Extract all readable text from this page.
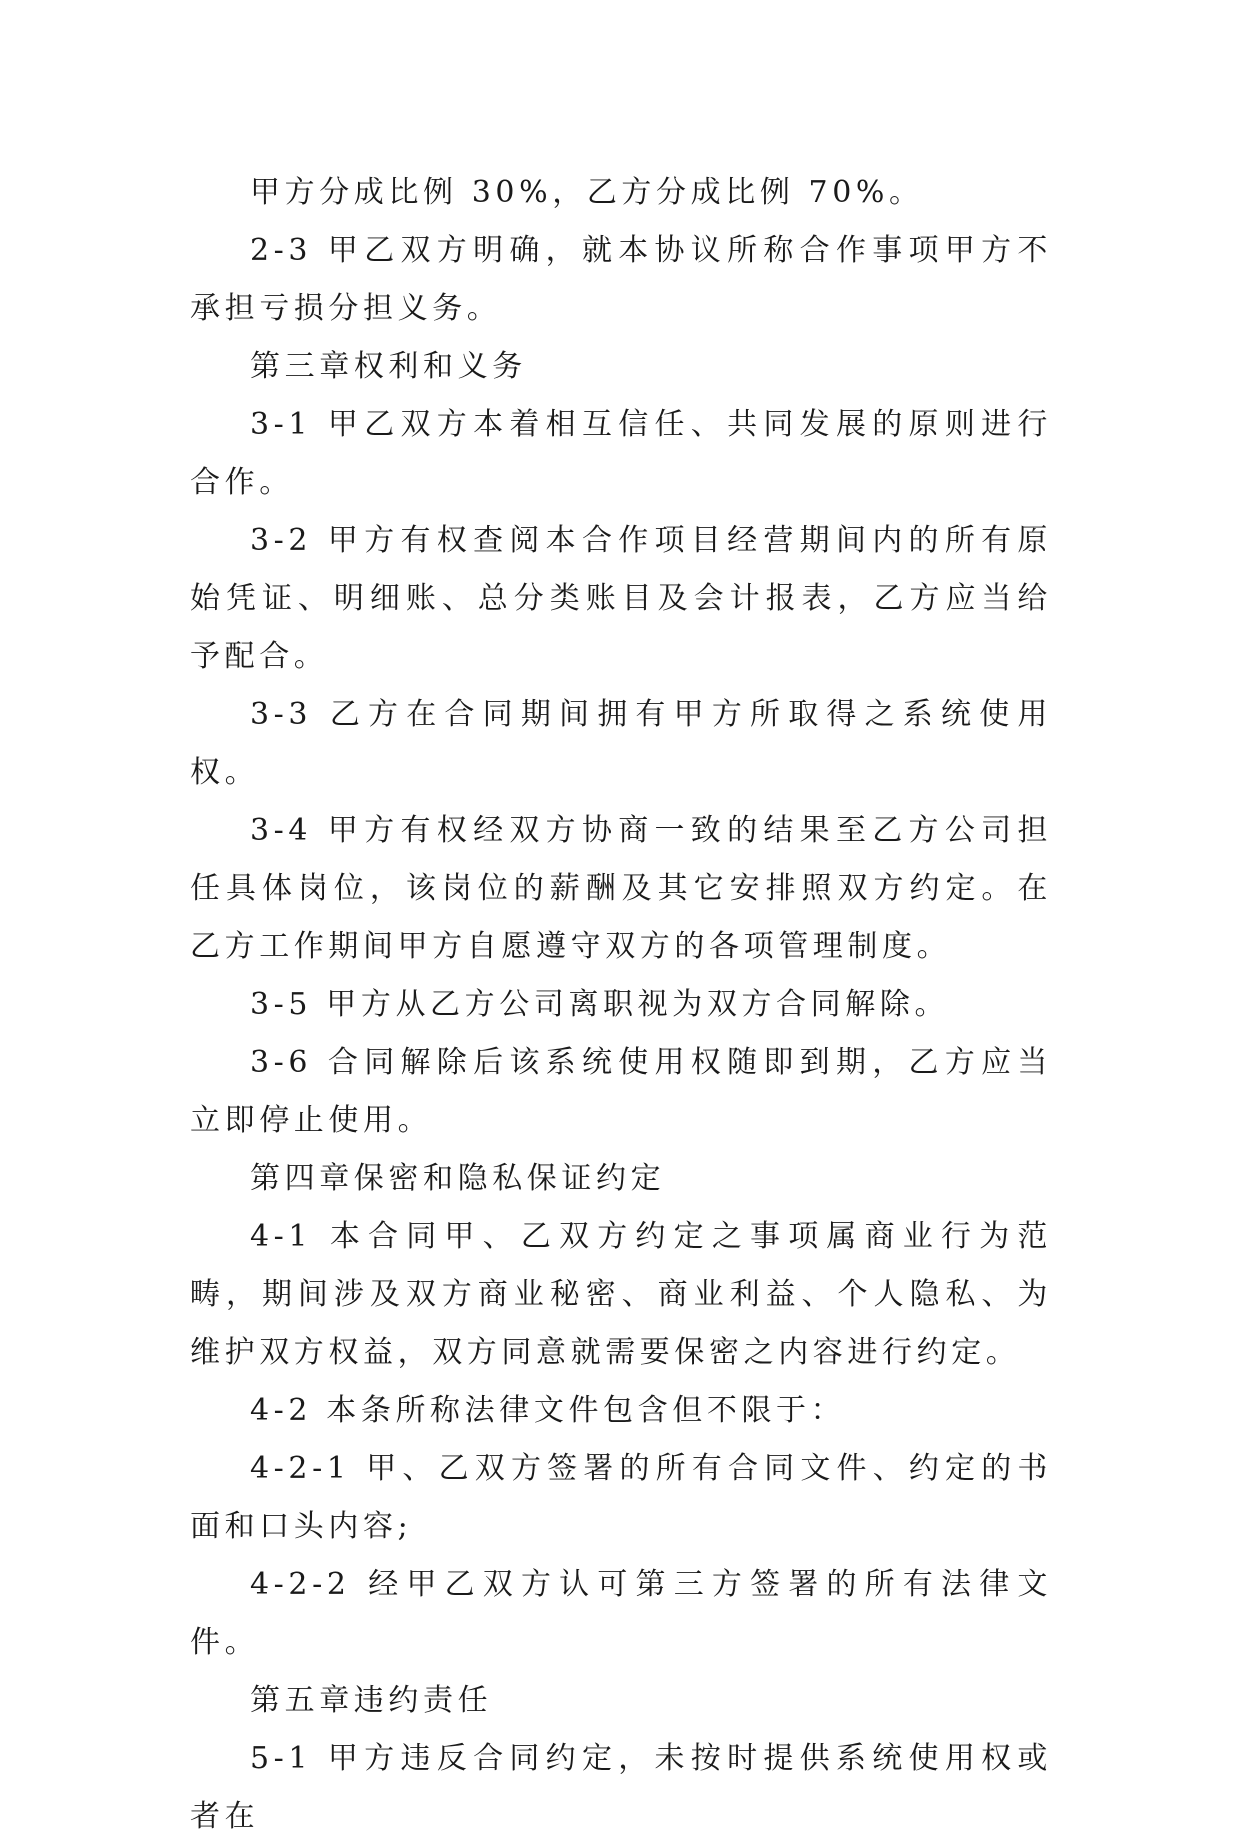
甲方分成比例 30%，乙方分成比例 70%。

2-3 甲乙双方明确，就本协议所称合作事项甲方不承担亏损分担义务。

第三章权利和义务

3-1 甲乙双方本着相互信任、共同发展的原则进行合作。

3-2 甲方有权查阅本合作项目经营期间内的所有原始凭证、明细账、总分类账目及会计报表，乙方应当给予配合。

3-3 乙方在合同期间拥有甲方所取得之系统使用权。

3-4 甲方有权经双方协商一致的结果至乙方公司担任具体岗位，该岗位的薪酬及其它安排照双方约定。在乙方工作期间甲方自愿遵守双方的各项管理制度。

3-5 甲方从乙方公司离职视为双方合同解除。

3-6 合同解除后该系统使用权随即到期，乙方应当立即停止使用。

第四章保密和隐私保证约定

4-1 本合同甲、乙双方约定之事项属商业行为范畴，期间涉及双方商业秘密、商业利益、个人隐私、为维护双方权益，双方同意就需要保密之内容进行约定。

4-2 本条所称法律文件包含但不限于：

4-2-1 甲、乙双方签署的所有合同文件、约定的书面和口头内容;

4-2-2 经甲乙双方认可第三方签署的所有法律文件。

第五章违约责任

5-1 甲方违反合同约定，未按时提供系统使用权或者在
